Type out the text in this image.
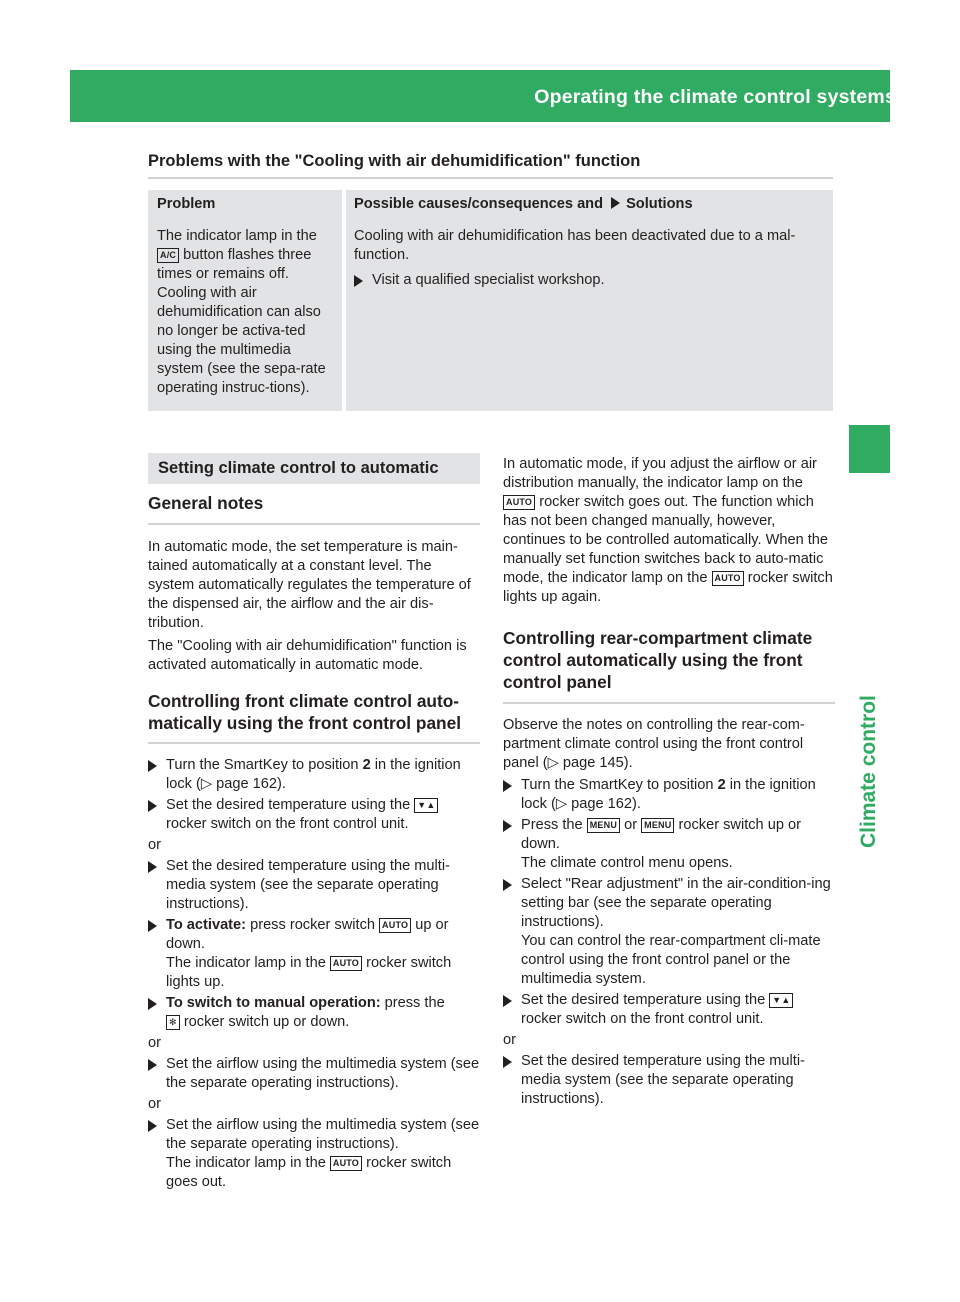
Operating the climate control systems	147
Climate control
Problems with the "Cooling with air dehumidification" function
Problem		Possible causes/consequences and Solutions

The indicator lamp in the A/C button flashes three times or remains off. Cooling with air dehumidification can also no longer be activa-ted using the multimedia system (see the sepa-rate operating instruc-tions).		Cooling with air dehumidification has been deactivated due to a mal-function.

Visit a qualified specialist workshop.

Setting climate control to automatic
General notes

In automatic mode, the set temperature is main-tained automatically at a constant level. The system automatically regulates the temperature of the dispensed air, the airflow and the air dis-tribution.

The "Cooling with air dehumidification" function is activated automatically in automatic mode.

Controlling front climate control auto-matically using the front control panel

Turn the SmartKey to position 2 in the ignition lock (▷ page 162).

Set the desired temperature using the ▼▲ rocker switch on the front control unit.

or

Set the desired temperature using the multi-media system (see the separate operating instructions).

To activate: press rocker switch AUTO up or down.
The indicator lamp in the AUTO rocker switch lights up.

To switch to manual operation: press the
✻ rocker switch up or down.

or

Set the airflow using the multimedia system (see the separate operating instructions).

or

Set the airflow using the multimedia system (see the separate operating instructions).
The indicator lamp in the AUTO rocker switch goes out.

In automatic mode, if you adjust the airflow or air distribution manually, the indicator lamp on the AUTO rocker switch goes out. The function which has not been changed manually, however, continues to be controlled automatically. When the manually set function switches back to auto-matic mode, the indicator lamp on the AUTO rocker switch lights up again.

Controlling rear-compartment climate control automatically using the front control panel

Observe the notes on controlling the rear-com-partment climate control using the front control panel (▷ page 145).

Turn the SmartKey to position 2 in the ignition lock (▷ page 162).

Press the MENU or MENU rocker switch up or down.
The climate control menu opens.

Select "Rear adjustment" in the air-condition-ing setting bar (see the separate operating instructions).
You can control the rear-compartment cli-mate control using the front control panel or the multimedia system.

Set the desired temperature using the ▼▲ rocker switch on the front control unit.

or

Set the desired temperature using the multi-media system (see the separate operating instructions).
